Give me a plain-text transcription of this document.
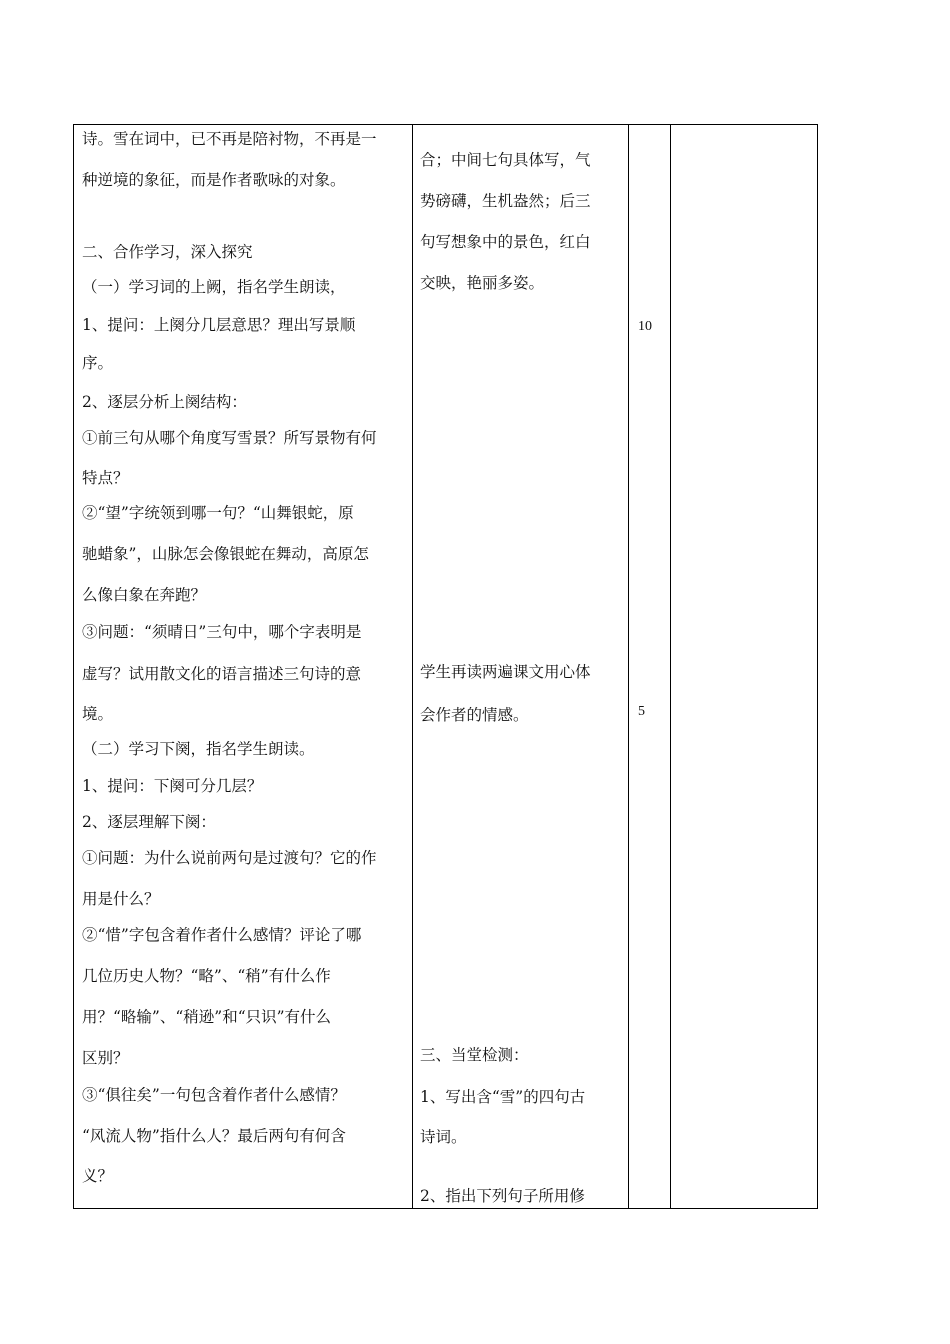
诗。雪在词中，已不再是陪衬物，不再是一
种逆境的象征，而是作者歌咏的对象。
二、合作学习，深入探究
（一）学习词的上阙，指名学生朗读，
1、提问：上阕分几层意思？理出写景顺
序。
2、逐层分析上阕结构：
①前三句从哪个角度写雪景？所写景物有何
特点？
②“望”字统领到哪一句？“山舞银蛇，原
驰蜡象”，山脉怎会像银蛇在舞动，高原怎
么像白象在奔跑？
③问题：“须晴日”三句中，哪个字表明是
虚写？试用散文化的语言描述三句诗的意
境。
（二）学习下阕，指名学生朗读。
1、提问：下阕可分几层？
2、逐层理解下阕：
①问题：为什么说前两句是过渡句？它的作
用是什么？
②“惜”字包含着作者什么感情？评论了哪
几位历史人物？“略”、“稍”有什么作
用？“略输”、“稍逊”和“只识”有什么
区别？
③“俱往矣”一句包含着作者什么感情？
“风流人物”指什么人？最后两句有何含
义？
合；中间七句具体写，气
势磅礴，生机盎然；后三
句写想象中的景色，红白
交映，艳丽多姿。
学生再读两遍课文用心体
会作者的情感。
三、当堂检测：
1、写出含“雪”的四句古
诗词。
2、指出下列句子所用修
10
5
